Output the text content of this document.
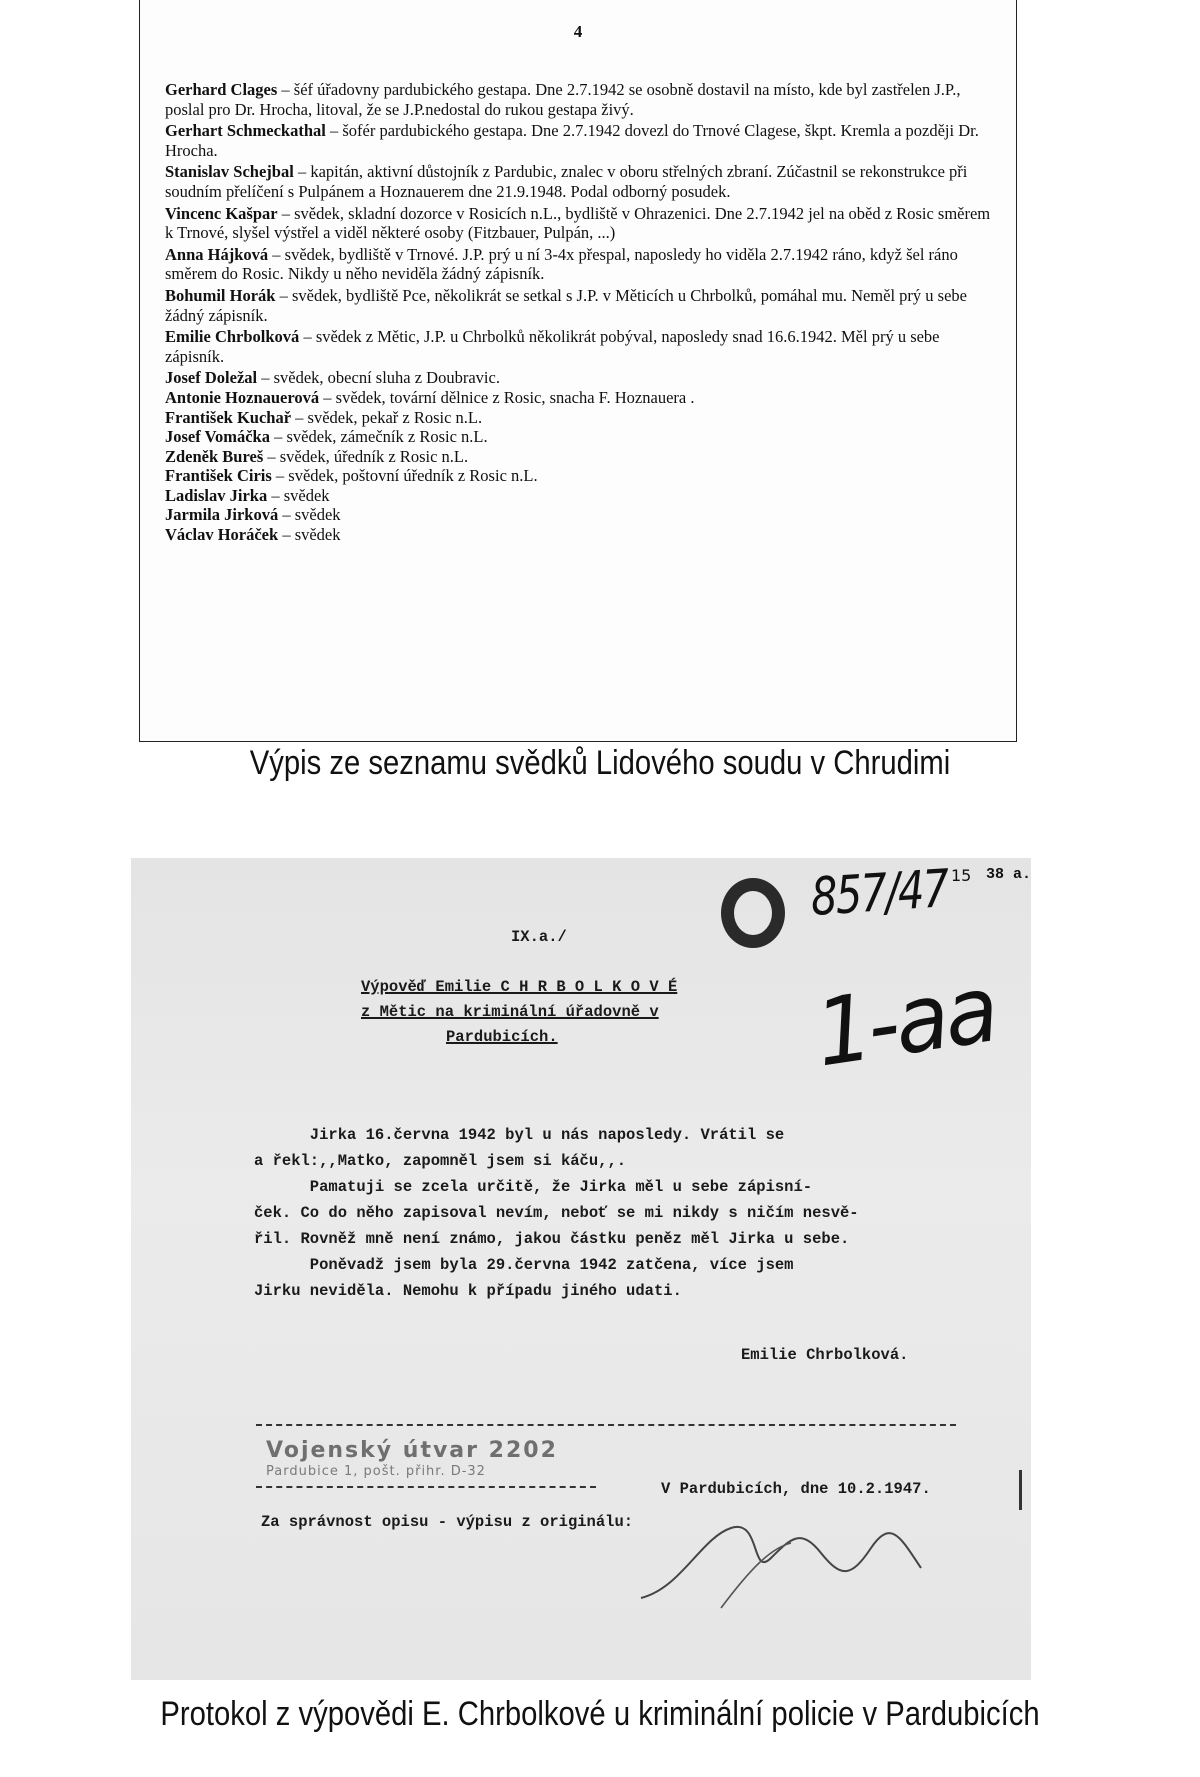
4
Gerhard Clages – šéf úřadovny pardubického gestapa. Dne 2.7.1942 se osobně dostavil na místo, kde byl zastřelen J.P., poslal pro Dr. Hrocha, litoval, že se J.P.nedostal do rukou gestapa živý.
Gerhart Schmeckathal – šofér pardubického gestapa. Dne 2.7.1942 dovezl do Trnové Clagese, škpt. Kremla a později Dr. Hrocha.
Stanislav Schejbal – kapitán, aktivní důstojník z Pardubic, znalec v oboru střelných zbraní. Zúčastnil se rekonstrukce při soudním přelíčení s Pulpánem a Hoznauerem dne 21.9.1948. Podal odborný posudek.
Vincenc Kašpar – svědek, skladní dozorce v Rosicích n.L., bydliště v Ohrazenici. Dne 2.7.1942 jel na oběd z Rosic směrem k Trnové, slyšel výstřel a viděl některé osoby (Fitzbauer, Pulpán, ...)
Anna Hájková – svědek, bydliště v Trnové. J.P. prý u ní 3-4x přespal, naposledy ho viděla 2.7.1942 ráno, když šel ráno směrem do Rosic. Nikdy u něho neviděla žádný zápisník.
Bohumil Horák – svědek, bydliště Pce, několikrát se setkal s J.P. v Měticích u Chrbolků, pomáhal mu. Neměl prý u sebe žádný zápisník.
Emilie Chrbolková – svědek z Mětic, J.P. u Chrbolků několikrát pobýval, naposledy snad 16.6.1942. Měl prý u sebe zápisník.
Josef Doležal – svědek, obecní sluha z Doubravic.
Antonie Hoznauerová – svědek, tovární dělnice z Rosic, snacha F. Hoznauera .
František Kuchař – svědek, pekař z Rosic n.L.
Josef Vomáčka – svědek, zámečník z Rosic n.L.
Zdeněk Bureš – svědek, úředník z Rosic n.L.
František Ciris – svědek, poštovní úředník z Rosic n.L.
Ladislav Jirka – svědek
Jarmila Jirková – svědek
Václav Horáček – svědek
Výpis ze seznamu svědků Lidového soudu v Chrudimi
857/47 15 38 a.
1-aa
IX.a./
Výpověď Emilie C H R B O L K O V É
z Mětic na kriminální úřadovně v
Pardubicích.
Jirka 16.června 1942 byl u nás naposledy. Vrátil se
a řekl:,,Matko, zapomněl jsem si káču,,.
Pamatuji se zcela určitě, že Jirka měl u sebe zápisní-
ček. Co do něho zapisoval nevím, neboť se mi nikdy s ničím nesvě-
řil. Rovněž mně není známo, jakou částku peněz měl Jirka u sebe.
Poněvadž jsem byla 29.června 1942 zatčena, více jsem
Jirku neviděla. Nemohu k případu jiného udati.
Emilie Chrbolková.
Vojenský útvar 2202
Pardubice 1, pošt. přihr. D-32
V Pardubicích, dne 10.2.1947.
Za správnost opisu - výpisu z originálu:
Protokol z výpovědi E. Chrbolkové u kriminální policie v Pardubicích
